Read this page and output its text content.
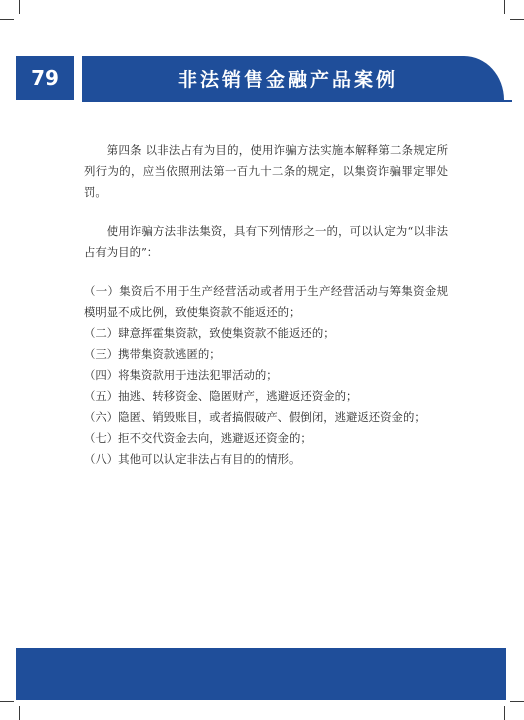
79	非法销售金融产品案例

第四条 以非法占有为目的，使用诈骗方法实施本解释第二条规定所列行为的，应当依照刑法第一百九十二条的规定，以集资诈骗罪定罪处罚。

使用诈骗方法非法集资，具有下列情形之一的，可以认定为“以非法占有为目的”：

（一）集资后不用于生产经营活动或者用于生产经营活动与筹集资金规模明显不成比例，致使集资款不能返还的；

（二）肆意挥霍集资款，致使集资款不能返还的；

（三）携带集资款逃匿的；

（四）将集资款用于违法犯罪活动的；

（五）抽逃、转移资金、隐匿财产，逃避返还资金的；

（六）隐匿、销毁账目，或者搞假破产、假倒闭，逃避返还资金的；

（七）拒不交代资金去向，逃避返还资金的；

（八）其他可以认定非法占有目的的情形。
